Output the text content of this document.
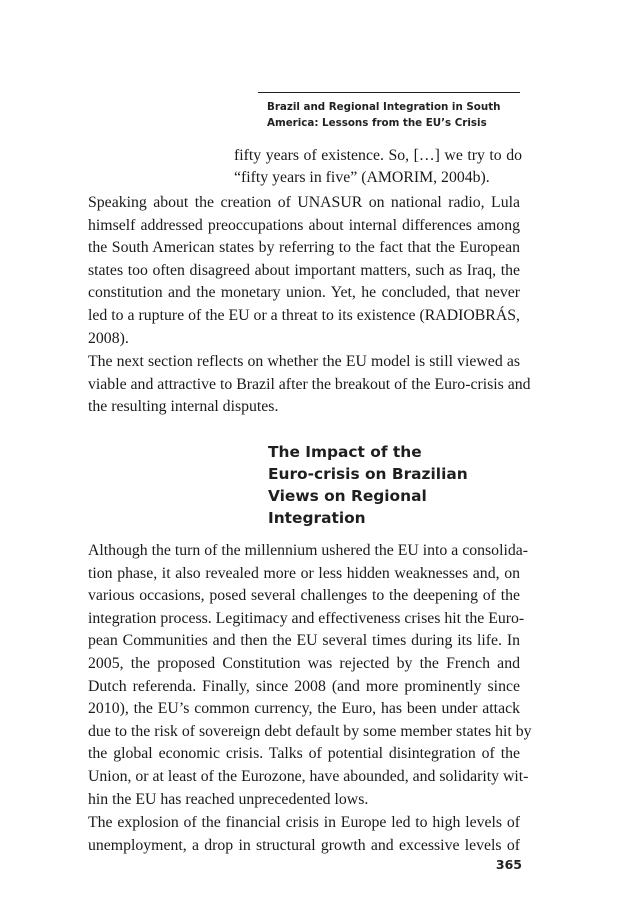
Brazil and Regional Integration in South
America: Lessons from the EU’s Crisis

fifty years of existence. So, […] we try to do

“fifty years in five” (AMORIM, 2004b).

Speaking about the creation of UNASUR on national radio, Lula

himself addressed preoccupations about internal differences among

the South American states by referring to the fact that the European

states too often disagreed about important matters, such as Iraq, the

constitution and the monetary union. Yet, he concluded, that never

led to a rupture of the EU or a threat to its existence (RADIOBRÁS,

2008).

The next section reflects on whether the EU model is still viewed as

viable and attractive to Brazil after the breakout of the Euro-crisis and

the resulting internal disputes.

The Impact of the
Euro-crisis on Brazilian
Views on Regional
Integration

Although the turn of the millennium ushered the EU into a consolida-

tion phase, it also revealed more or less hidden weaknesses and, on

various occasions, posed several challenges to the deepening of the

integration process. Legitimacy and effectiveness crises hit the Euro-

pean Communities and then the EU several times during its life. In

2005, the proposed Constitution was rejected by the French and

Dutch referenda. Finally, since 2008 (and more prominently since

2010), the EU’s common currency, the Euro, has been under attack

due to the risk of sovereign debt default by some member states hit by

the global economic crisis. Talks of potential disintegration of the

Union, or at least of the Eurozone, have abounded, and solidarity wit-

hin the EU has reached unprecedented lows.

The explosion of the financial crisis in Europe led to high levels of

unemployment, a drop in structural growth and excessive levels of

365
